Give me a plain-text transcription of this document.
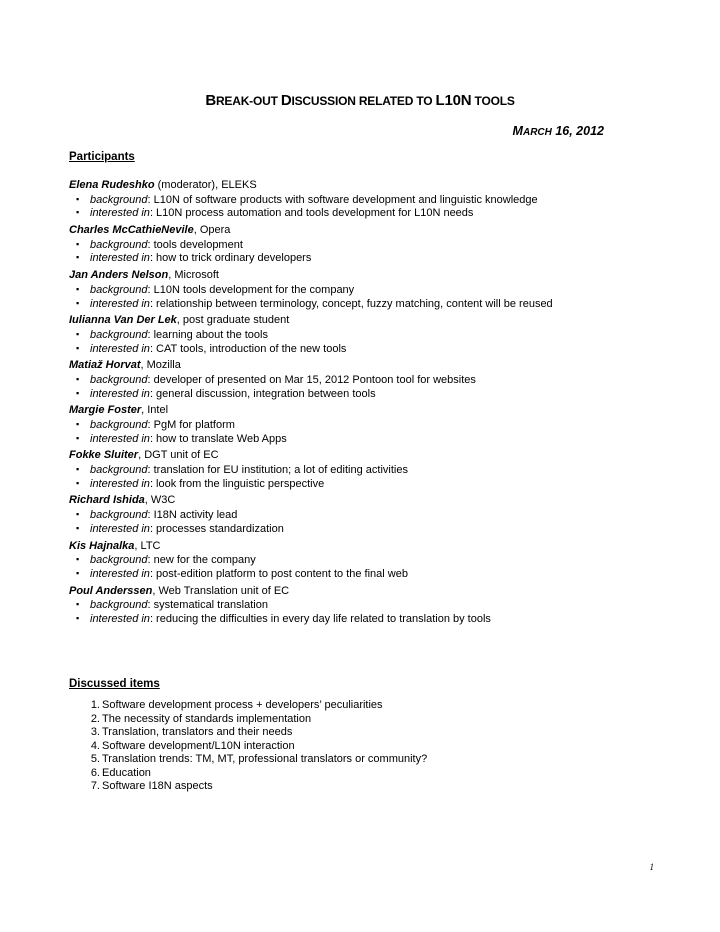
BREAK-OUT DISCUSSION RELATED TO L10N TOOLS
MARCH 16, 2012
Participants
Elena Rudeshko (moderator), ELEKS
▪ background: L10N of software products with software development and linguistic knowledge
▪ interested in: L10N process automation and tools development for L10N needs
Charles McCathieNevile, Opera
▪ background: tools development
▪ interested in: how to trick ordinary developers
Jan Anders Nelson, Microsoft
▪ background: L10N tools development for the company
▪ interested in: relationship between terminology, concept, fuzzy matching, content will be reused
Iulianna Van Der Lek, post graduate student
▪ background: learning about the tools
▪ interested in: CAT tools, introduction of the new tools
Matiaž Horvat, Mozilla
▪ background: developer of presented on Mar 15, 2012 Pontoon tool for websites
▪ interested in: general discussion, integration between tools
Margie Foster, Intel
▪ background: PgM for platform
▪ interested in: how to translate Web Apps
Fokke Sluiter, DGT unit of EC
▪ background: translation for EU institution; a lot of editing activities
▪ interested in: look from the linguistic perspective
Richard Ishida, W3C
▪ background: I18N activity lead
▪ interested in: processes standardization
Kis Hajnalka, LTC
▪ background: new for the company
▪ interested in: post-edition platform to post content to the final web
Poul Anderssen, Web Translation unit of EC
▪ background: systematical translation
▪ interested in: reducing the difficulties in every day life related to translation by tools
Discussed items
1. Software development process + developers’ peculiarities
2. The necessity of standards implementation
3. Translation, translators and their needs
4. Software development/L10N interaction
5. Translation trends: TM, MT, professional translators or community?
6. Education
7. Software I18N aspects
1
